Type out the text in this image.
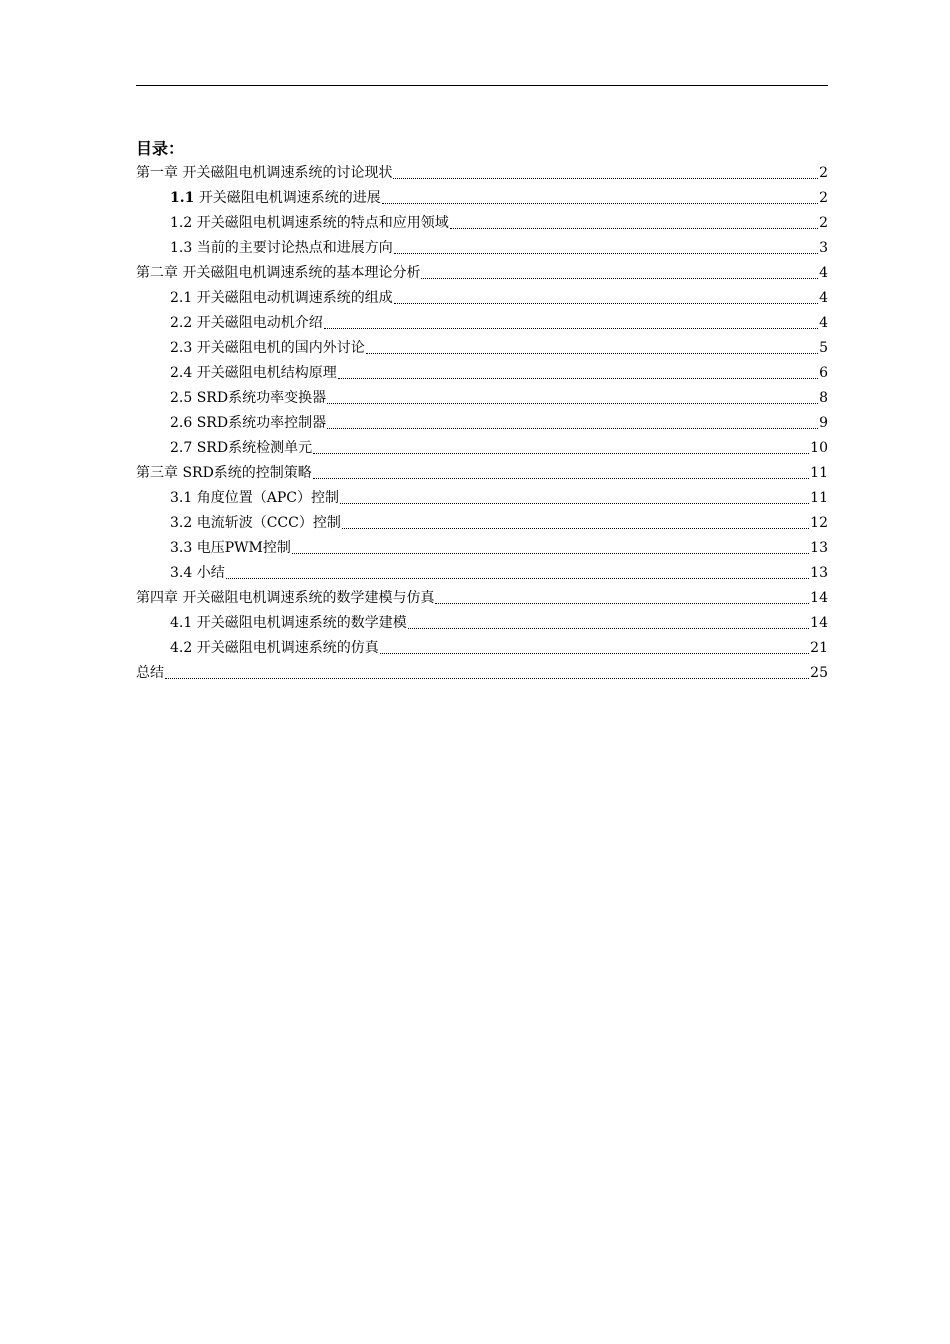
目录：
第一章 开关磁阻电机调速系统的讨论现状	2
1.1 开关磁阻电机调速系统的进展	2
1.2 开关磁阻电机调速系统的特点和应用领域	2
1.3 当前的主要讨论热点和进展方向	3
第二章 开关磁阻电机调速系统的基本理论分析	4
2.1 开关磁阻电动机调速系统的组成	4
2.2 开关磁阻电动机介绍	4
2.3 开关磁阻电机的国内外讨论	5
2.4 开关磁阻电机结构原理	6
2.5 SRD系统功率变换器	8
2.6 SRD系统功率控制器	9
2.7 SRD系统检测单元	10
第三章 SRD系统的控制策略	11
3.1 角度位置（APC）控制	11
3.2 电流斩波（CCC）控制	12
3.3 电压PWM控制	13
3.4 小结	13
第四章 开关磁阻电机调速系统的数学建模与仿真	14
4.1 开关磁阻电机调速系统的数学建模	14
4.2 开关磁阻电机调速系统的仿真	21
总结	25
